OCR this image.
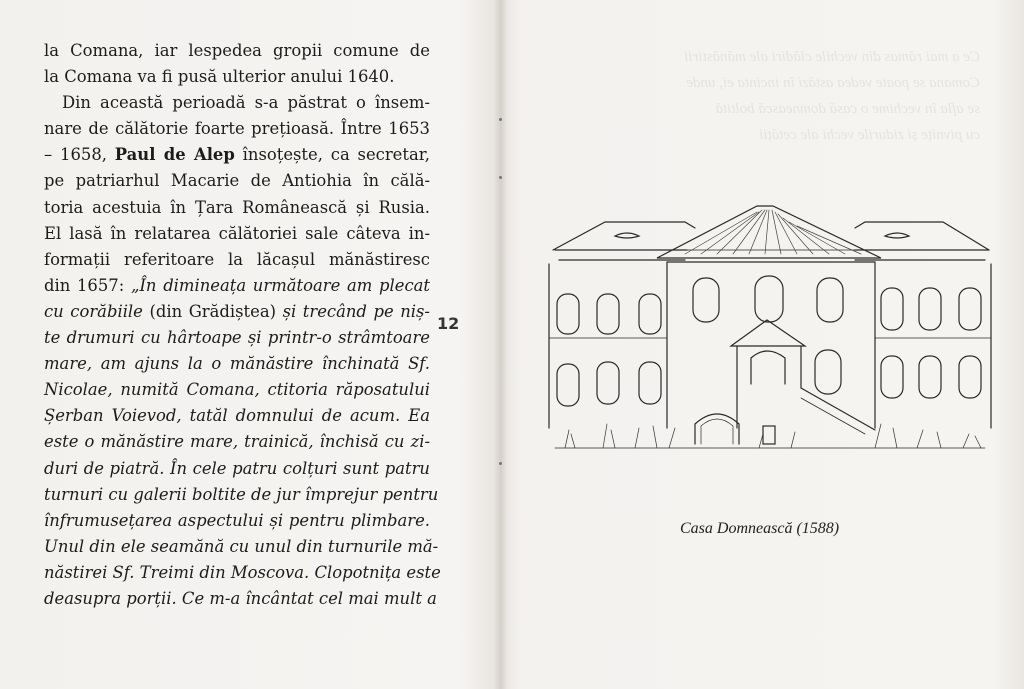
Ce a mai rămas din vechile clădiri ale mănăstirii
Comana se poate vedea astăzi în incinta ei, unde
se afla în vechime o casă domnească boltită
cu pivnițe și zidurile vechi ale cetății
la Comana, iar lespedea gropii comune de
la Comana va fi pusă ulterior anului 1640.
Din această perioadă s-a păstrat o însem-
nare de călătorie foarte prețioasă. Între 1653
– 1658, Paul de Alep însoțește, ca secretar,
pe patriarhul Macarie de Antiohia în călă-
toria acestuia în Țara Românească și Rusia.
El lasă în relatarea călătoriei sale câteva in-
formații referitoare la lăcașul mănăstiresc
din 1657: „În dimineața următoare am plecat
cu corăbiile (din Grădiștea) și trecând pe niș-
te drumuri cu hârtoape și printr-o strâmtoare
mare, am ajuns la o mănăstire închinată Sf.
Nicolae, numită Comana, ctitoria răposatului
Șerban Voievod, tatăl domnului de acum. Ea
este o mănăstire mare, trainică, închisă cu zi-
duri de piatră. În cele patru colțuri sunt patru
turnuri cu galerii boltite de jur împrejur pentru
înfrumusețarea aspectului și pentru plimbare.
Unul din ele seamănă cu unul din turnurile mă-
năstirei Sf. Treimi din Moscova. Clopotnița este
deasupra porții. Ce m-a încântat cel mai mult a
12
Casa Domnească (1588)
